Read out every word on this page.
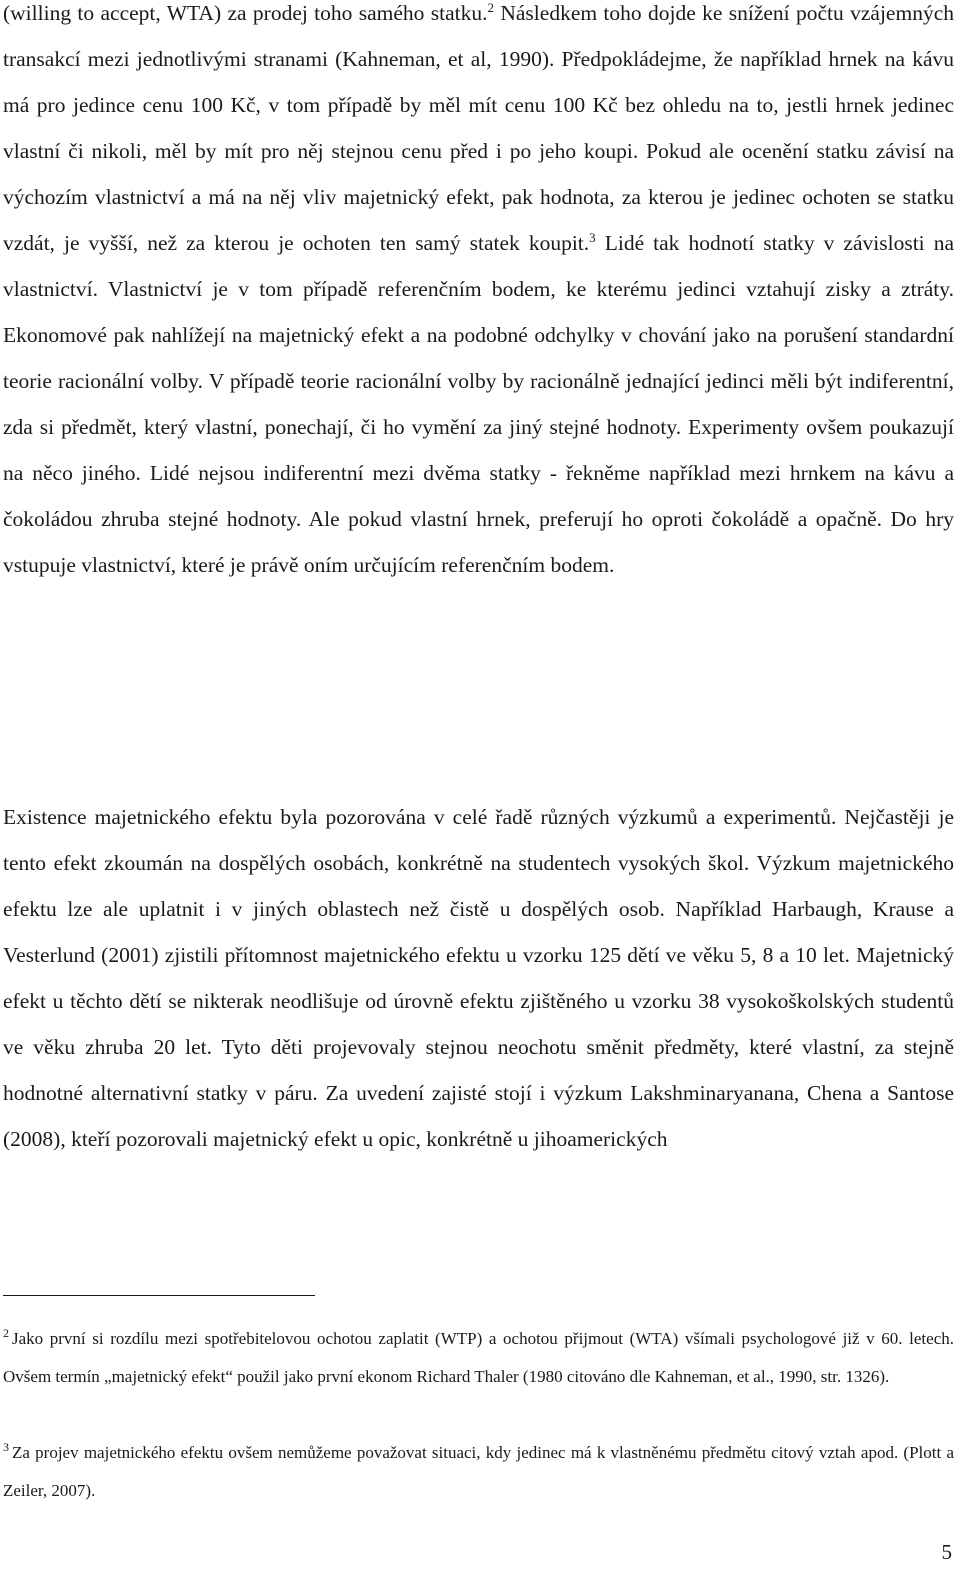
(willing to accept, WTA) za prodej toho samého statku.$^2$ Následkem toho dojde ke snížení počtu vzájemných transakcí mezi jednotlivými stranami (Kahneman, et al, 1990). Předpokládejme, že například hrnek na kávu má pro jedince cenu 100 Kč, v tom případě by měl mít cenu 100 Kč bez ohledu na to, jestli hrnek jedinec vlastní či nikoli, měl by mít pro něj stejnou cenu před i po jeho koupi. Pokud ale ocenění statku závisí na výchozím vlastnictví a má na něj vliv majetnický efekt, pak hodnota, za kterou je jedinec ochoten se statku vzdát, je vyšší, než za kterou je ochoten ten samý statek koupit.$^3$ Lidé tak hodnotí statky v závislosti na vlastnictví. Vlastnictví je v tom případě referenčním bodem, ke kterému jedinci vztahují zisky a ztráty. Ekonomové pak nahlížejí na majetnický efekt a na podobné odchylky v chování jako na porušení standardní teorie racionální volby. V případě teorie racionální volby by racionálně jednající jedinci měli být indiferentní, zda si předmět, který vlastní, ponechají, či ho vymění za jiný stejné hodnoty. Experimenty ovšem poukazují na něco jiného. Lidé nejsou indiferentní mezi dvěma statky - řekněme například mezi hrnkem na kávu a čokoládou zhruba stejné hodnoty. Ale pokud vlastní hrnek, preferují ho oproti čokoládě a opačně. Do hry vstupuje vlastnictví, které je právě oním určujícím referenčním bodem.

Existence majetnického efektu byla pozorována v celé řadě různých výzkumů a experimentů. Nejčastěji je tento efekt zkoumán na dospělých osobách, konkrétně na studentech vysokých škol. Výzkum majetnického efektu lze ale uplatnit i v jiných oblastech než čistě u dospělých osob. Například Harbaugh, Krause a Vesterlund (2001) zjistili přítomnost majetnického efektu u vzorku 125 dětí ve věku 5, 8 a 10 let. Majetnický efekt u těchto dětí se nikterak neodlišuje od úrovně efektu zjištěného u vzorku 38 vysokoškolských studentů ve věku zhruba 20 let. Tyto děti projevovaly stejnou neochotu směnit předměty, které vlastní, za stejně hodnotné alternativní statky v páru. Za uvedení zajisté stojí i výzkum Lakshminaryanana, Chena a Santose (2008), kteří pozorovali majetnický efekt u opic, konkrétně u jihoamerických

$^2$ Jako první si rozdílu mezi spotřebitelovou ochotou zaplatit (WTP) a ochotou přijmout (WTA) všímali psychologové již v 60. letech. Ovšem termín „majetnický efekt“ použil jako první ekonom Richard Thaler (1980 citováno dle Kahneman, et al., 1990, str. 1326).

$^3$ Za projev majetnického efektu ovšem nemůžeme považovat situaci, kdy jedinec má k vlastněnému předmětu citový vztah apod. (Plott a Zeiler, 2007).

5
